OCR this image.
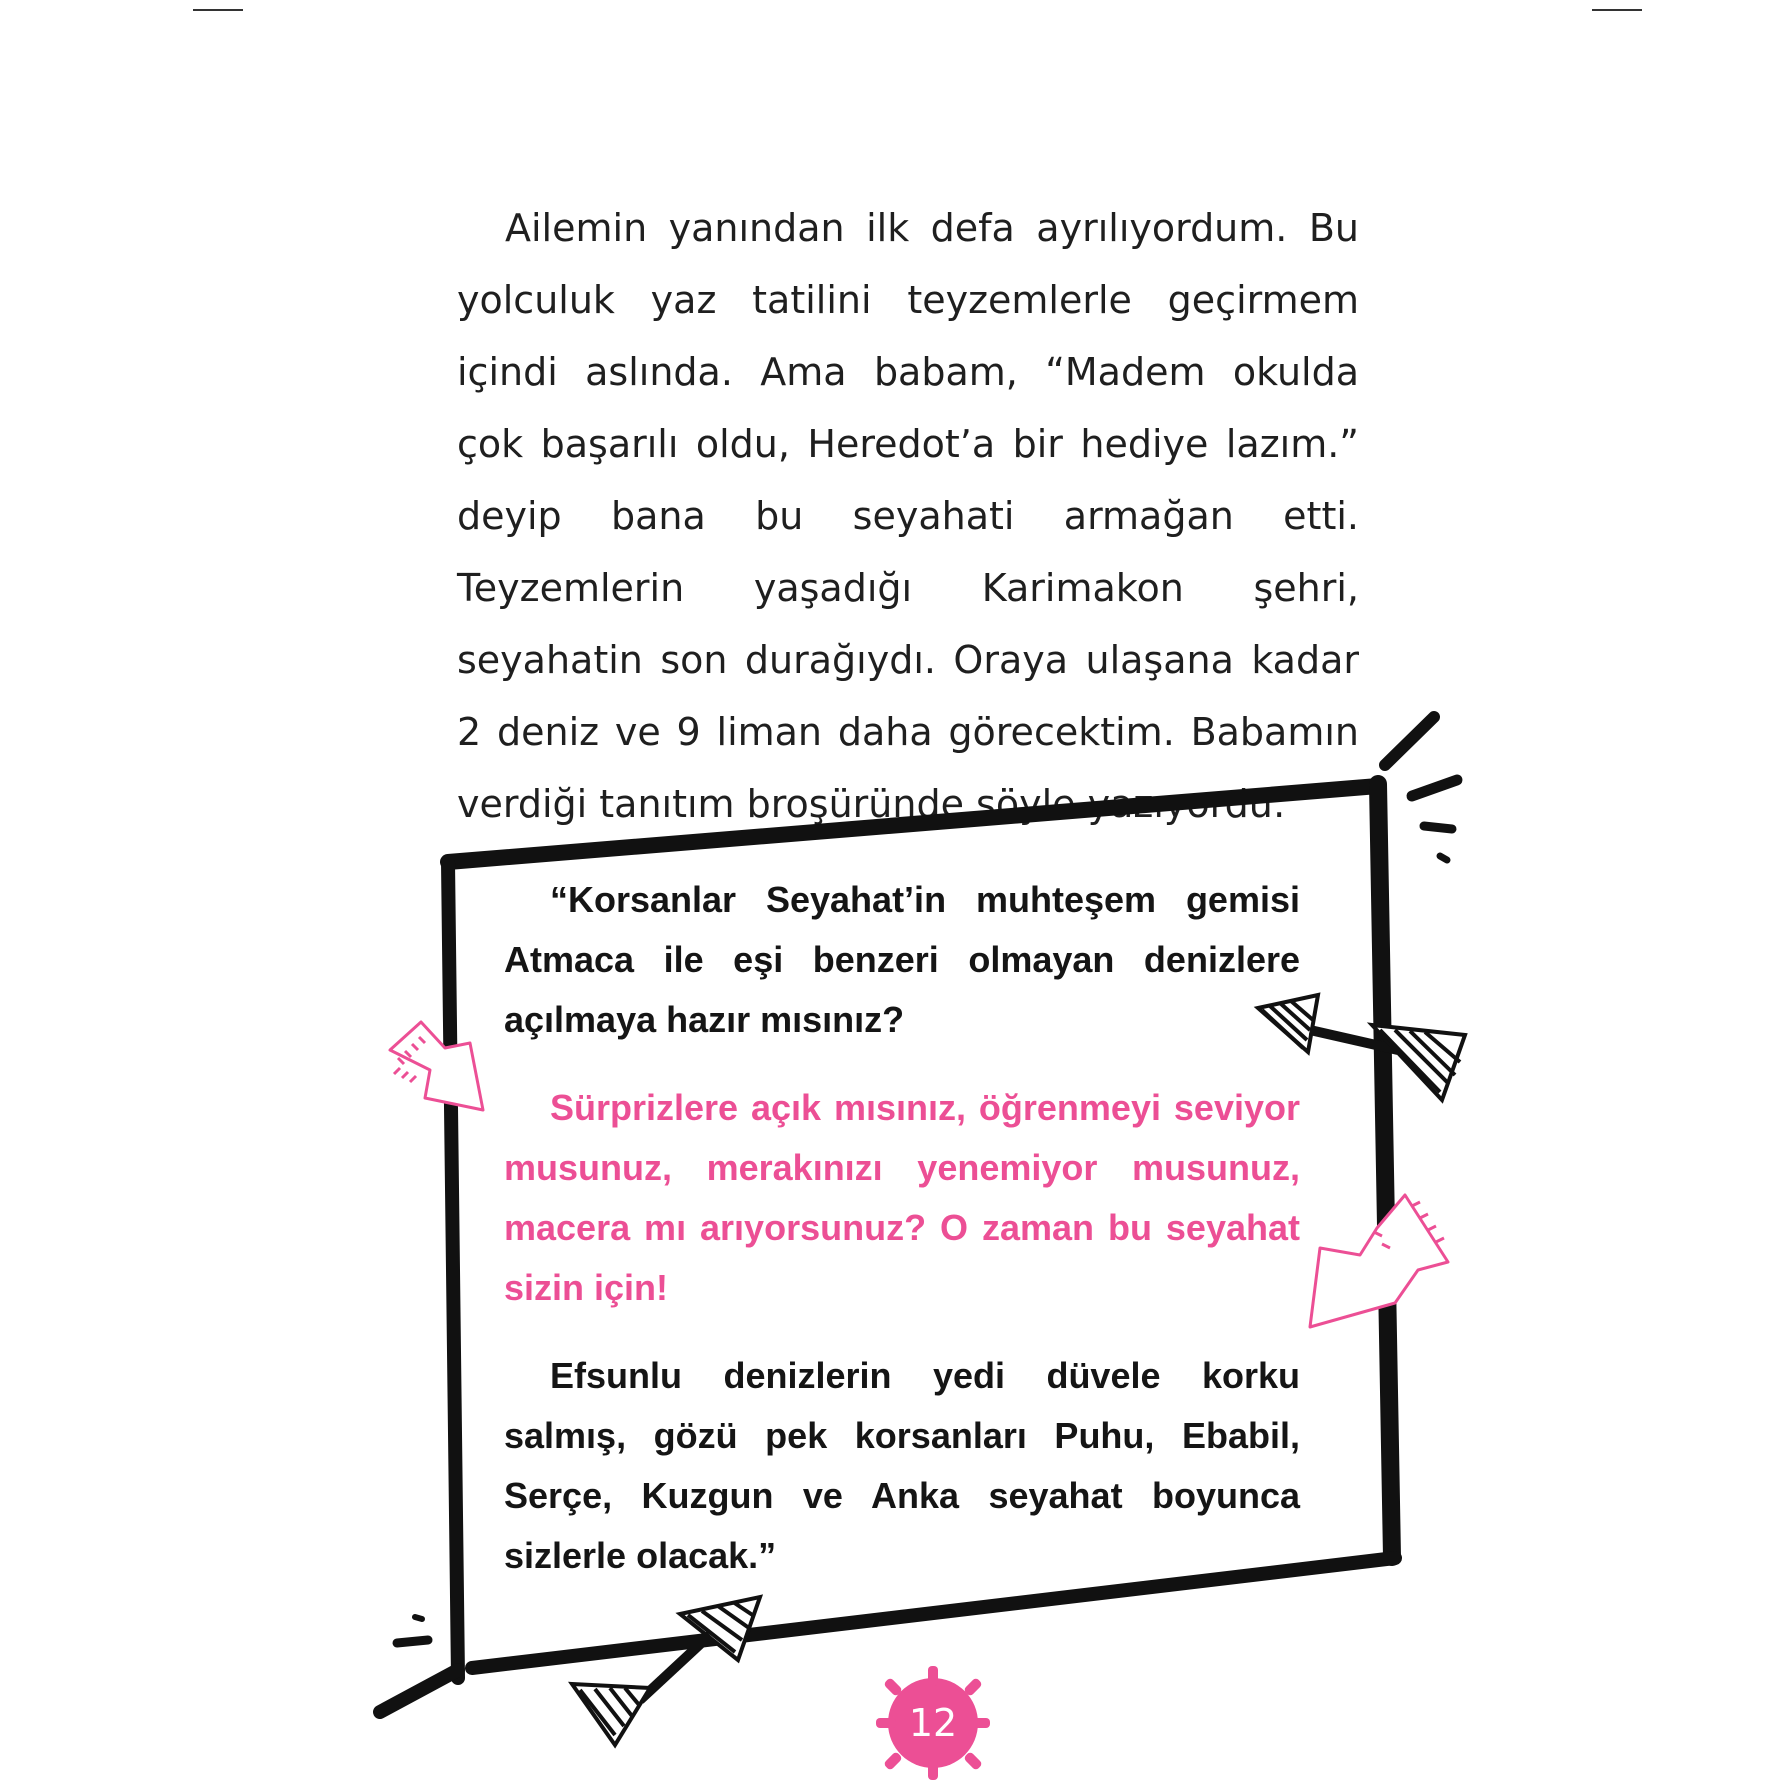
Ailemin yanından ilk defa ayrılıyordum. Bu yolculuk yaz tatilini teyzemlerle geçirmem içindi aslında. Ama babam, “Madem okulda çok başarılı oldu, Heredot’a bir hediye lazım.” deyip bana bu seyahati armağan etti. Teyzemlerin yaşadığı Karimakon şehri, seyahatin son durağıydı. Oraya ulaşana kadar 2 deniz ve 9 liman daha görecektim. Babamın verdiği tanıtım broşüründe şöyle yazıyordu:

“Korsanlar Seyahat’in muhteşem gemisi Atmaca ile eşi benzeri olmayan denizlere açılmaya hazır mısınız?

Sürprizlere açık mısınız, öğrenmeyi seviyor musunuz, merakınızı yenemiyor musunuz, macera mı arıyorsunuz? O zaman bu seyahat sizin için!

Efsunlu denizlerin yedi düvele korku salmış, gözü pek korsanları Puhu, Ebabil, Serçe, Kuzgun ve Anka seyahat boyunca sizlerle olacak.”

12
